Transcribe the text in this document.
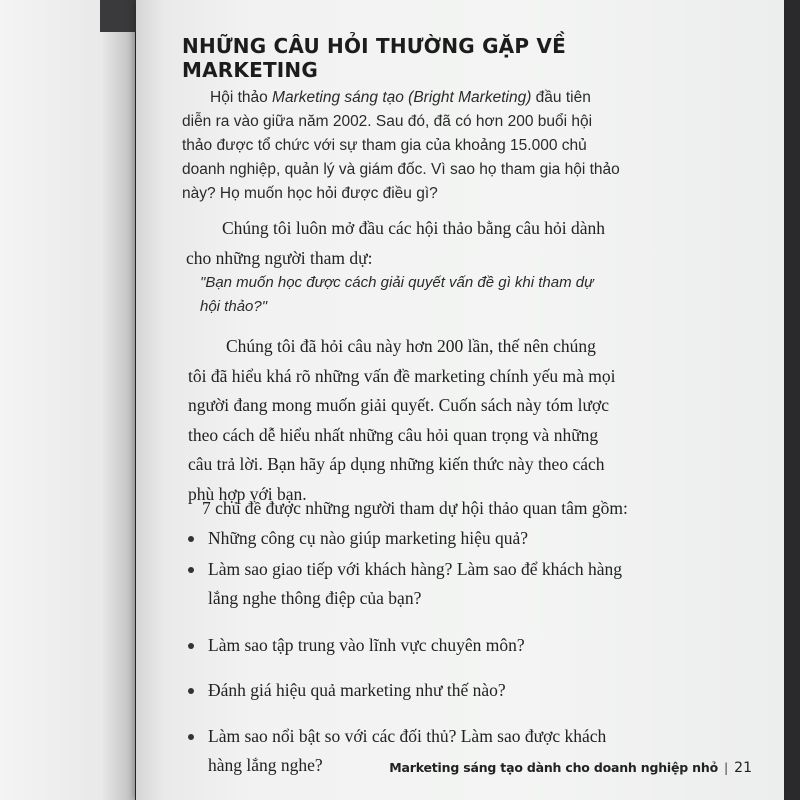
NHỮNG CÂU HỎI THƯỜNG GẶP VỀ MARKETING

Hội thảo Marketing sáng tạo (Bright Marketing) đầu tiên diễn ra vào giữa năm 2002. Sau đó, đã có hơn 200 buổi hội thảo được tổ chức với sự tham gia của khoảng 15.000 chủ doanh nghiệp, quản lý và giám đốc. Vì sao họ tham gia hội thảo này? Họ muốn học hỏi được điều gì?

Chúng tôi luôn mở đầu các hội thảo bằng câu hỏi dành cho những người tham dự:

"Bạn muốn học được cách giải quyết vấn đề gì khi tham dự hội thảo?"

Chúng tôi đã hỏi câu này hơn 200 lần, thế nên chúng tôi đã hiểu khá rõ những vấn đề marketing chính yếu mà mọi người đang mong muốn giải quyết. Cuốn sách này tóm lược theo cách dễ hiểu nhất những câu hỏi quan trọng và những câu trả lời. Bạn hãy áp dụng những kiến thức này theo cách phù hợp với bạn.

7 chủ đề được những người tham dự hội thảo quan tâm gồm:

Những công cụ nào giúp marketing hiệu quả?
Làm sao giao tiếp với khách hàng? Làm sao để khách hàng lắng nghe thông điệp của bạn?
Làm sao tập trung vào lĩnh vực chuyên môn?
Đánh giá hiệu quả marketing như thế nào?
Làm sao nổi bật so với các đối thủ? Làm sao được khách hàng lắng nghe?	Marketing sáng tạo dành cho doanh nghiệp nhỏ | 21
